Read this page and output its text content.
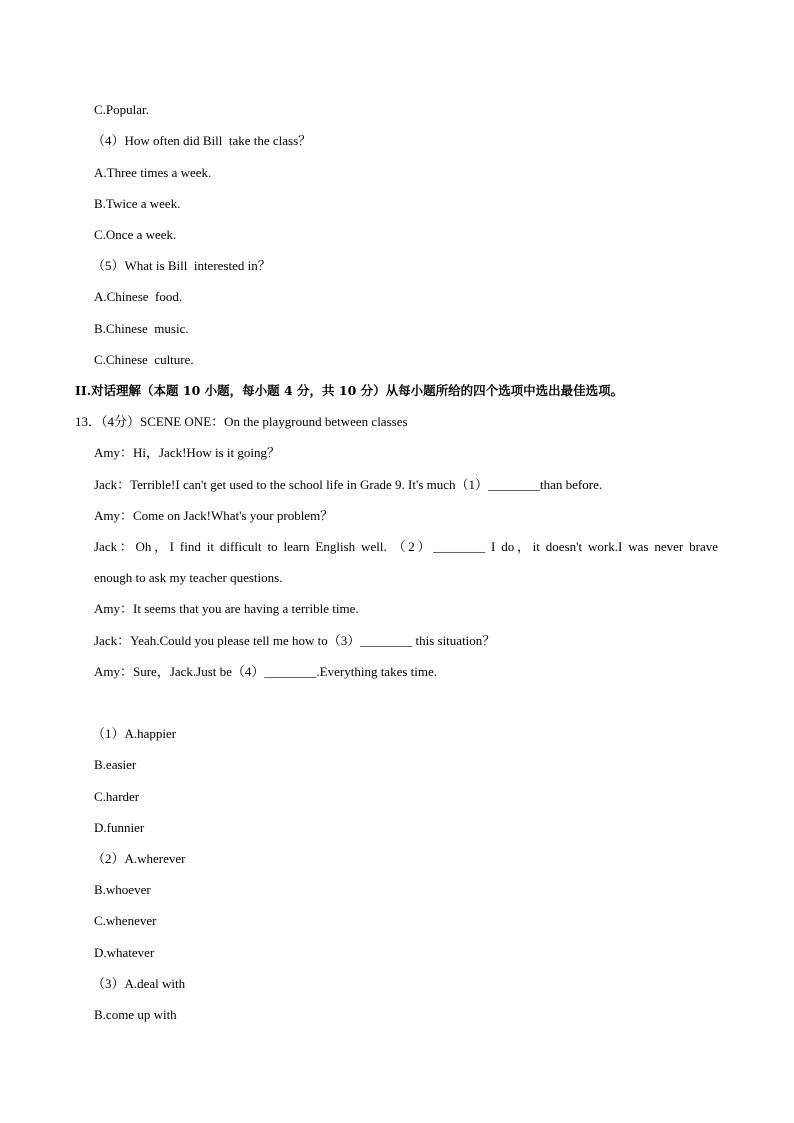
C.Popular.
（4）How often did Bill  take the class？
A.Three times a week.
B.Twice a week.
C.Once a week.
（5）What is Bill  interested in？
A.Chinese  food.
B.Chinese  music.
C.Chinese  culture.
II.对话理解（本题 10 小题，每小题 4 分，共 10 分）从每小题所给的四个选项中选出最佳选项。
13．（4分）SCENE ONE：On the playground between classes
Amy：Hi，Jack!How is it going？
Jack：Terrible!I can't get used to the school life in Grade 9. It's much（1）________than before.
Amy：Come on Jack!What's your problem？
Jack：Oh，I find it difficult to learn English well. （2）________ I do，it doesn't work.I was never brave
enough to ask my teacher questions.
Amy：It seems that you are having a terrible time.
Jack：Yeah.Could you please tell me how to（3）________ this situation？
Amy：Sure，Jack.Just be（4）________.Everything takes time.
（1）A.happier
B.easier
C.harder
D.funnier
（2）A.wherever
B.whoever
C.whenever
D.whatever
（3）A.deal with
B.come up with
